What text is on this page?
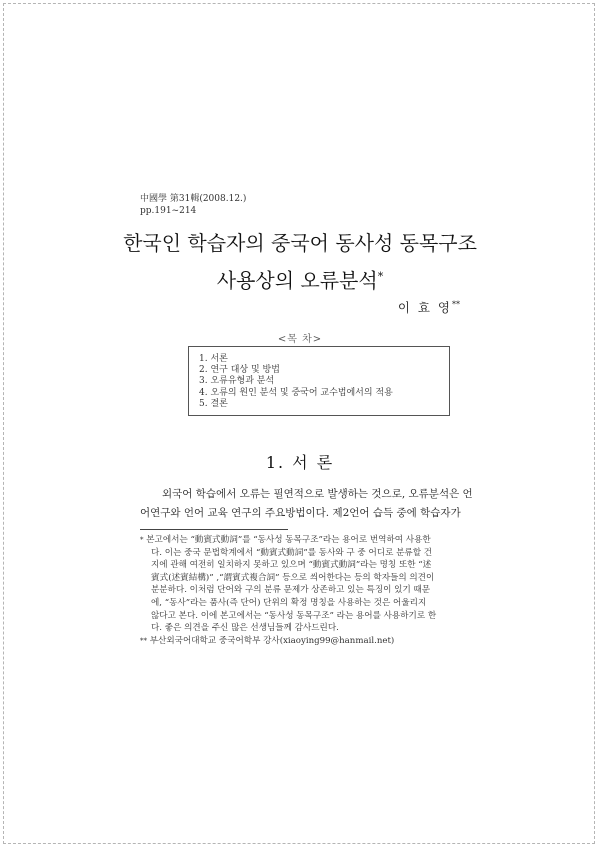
中國學 第31輯(2008.12.)
pp.191~214
한국인 학습자의 중국어 동사성 동목구조
사용상의 오류분석*
이 효 영**
<목 차>
1. 서론
2. 연구 대상 및 방법
3. 오류유형과 분석
4. 오류의 원인 분석 및 중국어 교수법에서의 적용
5. 결론
1. 서 론
외국어 학습에서 오류는 필연적으로 발생하는 것으로, 오류분석은 언
어연구와 언어 교육 연구의 주요방법이다. 제2언어 습득 중에 학습자가
* 본고에서는 “動賓式動詞”를 “동사성 동목구조”라는 용어로 번역하여 사용한
다. 이는 중국 문법학계에서 “動賓式動詞”를 동사와 구 중 어디로 분류할 건
지에 관해 여전히 일치하지 못하고 있으며 “動賓式動詞”라는 명칭 또한 “述
賓式(述賓結構)” ,“謂賓式複合詞” 등으로 씌어한다는 등의 학자들의 의견이
분분하다. 이처럼 단어와 구의 분류 문제가 상존하고 있는 특징이 있기 때문
에, “동사”라는 품사(즉 단어) 단위의 확정 명칭을 사용하는 것은 어울리지
않다고 본다. 이에 본고에서는 “동사성 동목구조” 라는 용어를 사용하기로 한
다. 좋은 의견을 주신 많은 선생님들께 감사드린다.
** 부산외국어대학교 중국어학부 강사(xiaoying99@hanmail.net)
